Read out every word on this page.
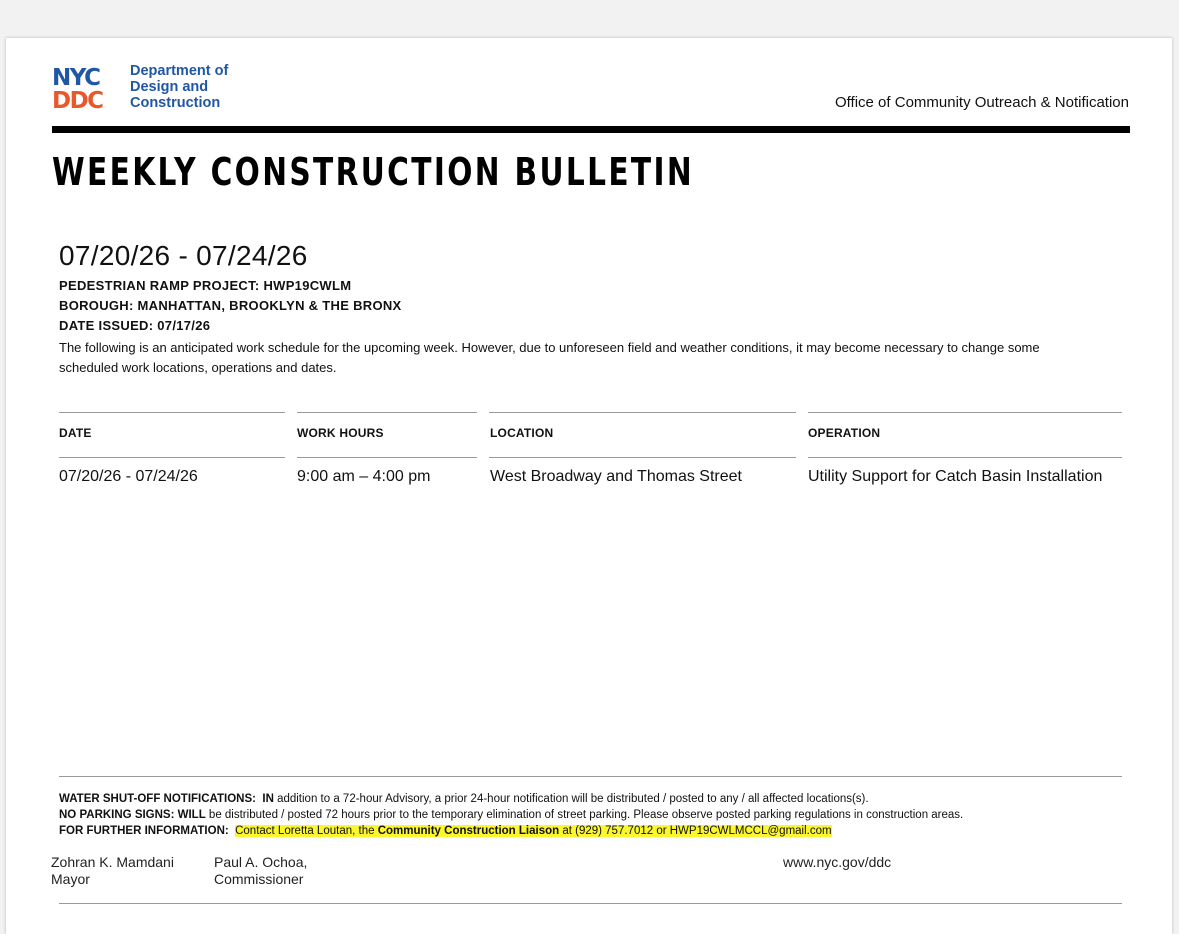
NYC
DDC
Department of
Design and
Construction	Office of Community Outreach & Notification
WEEKLY CONSTRUCTION BULLETIN
07/20/26 - 07/24/26
PEDESTRIAN RAMP PROJECT: HWP19CWLM
BOROUGH: MANHATTAN, BROOKLYN & THE BRONX
DATE ISSUED: 07/17/26
The following is an anticipated work schedule for the upcoming week. However, due to unforeseen field and weather conditions, it may become necessary to change some scheduled work locations, operations and dates.
DATE	WORK HOURS	LOCATION	OPERATION
07/20/26 - 07/24/26	9:00 am – 4:00 pm	West Broadway and Thomas Street	Utility Support for Catch Basin Installation
WATER SHUT-OFF NOTIFICATIONS: IN addition to a 72-hour Advisory, a prior 24-hour notification will be distributed / posted to any / all affected locations(s).
NO PARKING SIGNS: WILL be distributed / posted 72 hours prior to the temporary elimination of street parking. Please observe posted parking regulations in construction areas.
FOR FURTHER INFORMATION: Contact Loretta Loutan, the Community Construction Liaison at (929) 757.7012 or HWP19CWLMCCL@gmail.com
Zohran K. Mamdani
Mayor
Paul A. Ochoa,
Commissioner
www.nyc.gov/ddc
